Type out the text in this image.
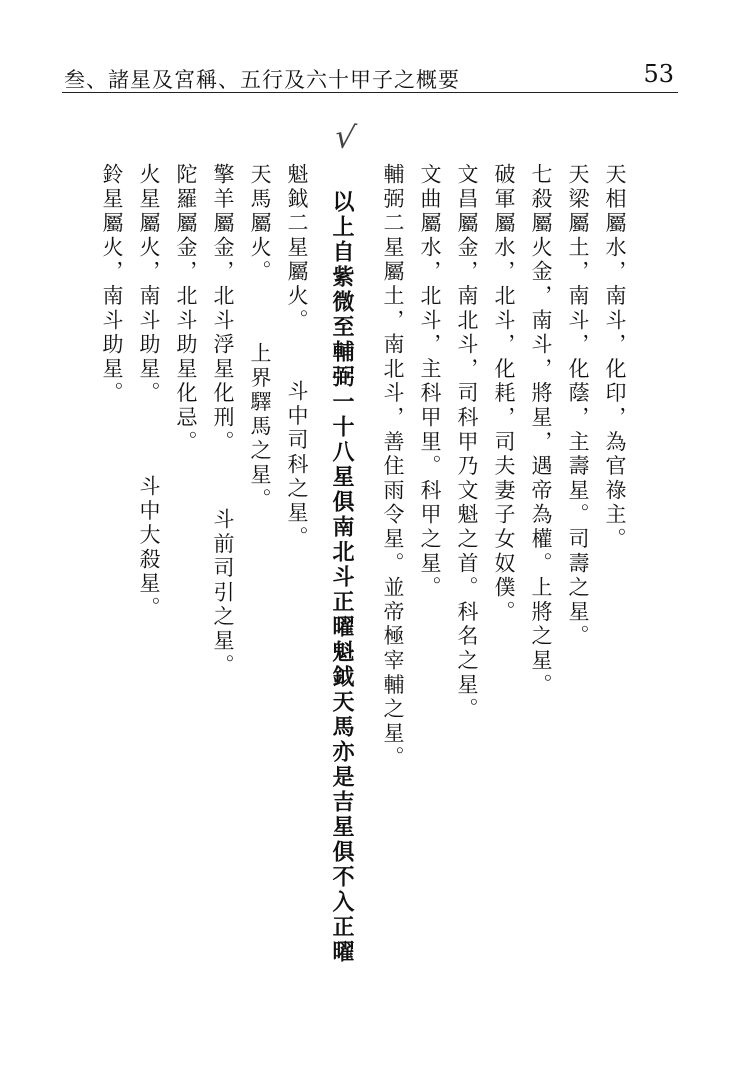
叁、諸星及宮稱、五行及六十甲子之概要	53
√
天相屬水，南斗，化印，為官祿主。
天梁屬土，南斗，化蔭，主壽星。司壽之星。
七殺屬火金，南斗，將星，遇帝為權。上將之星。
破軍屬水，北斗，化耗，司夫妻子女奴僕。
文昌屬金，南北斗，司科甲乃文魁之首。科名之星。
文曲屬水，北斗，主科甲里。科甲之星。
輔弼二星屬土，南北斗，善住雨令星。並帝極宰輔之星。
以上自紫微至輔弼一十八星俱南北斗正曜魁鉞天馬亦是吉星俱不入正曜
魁鉞二星屬火。 斗中司科之星。
天馬屬火。 上界驛馬之星。
擎羊屬金，北斗浮星化刑。 斗前司引之星。
陀羅屬金，北斗助星化忌。
火星屬火，南斗助星。 斗中大殺星。
鈴星屬火，南斗助星。
